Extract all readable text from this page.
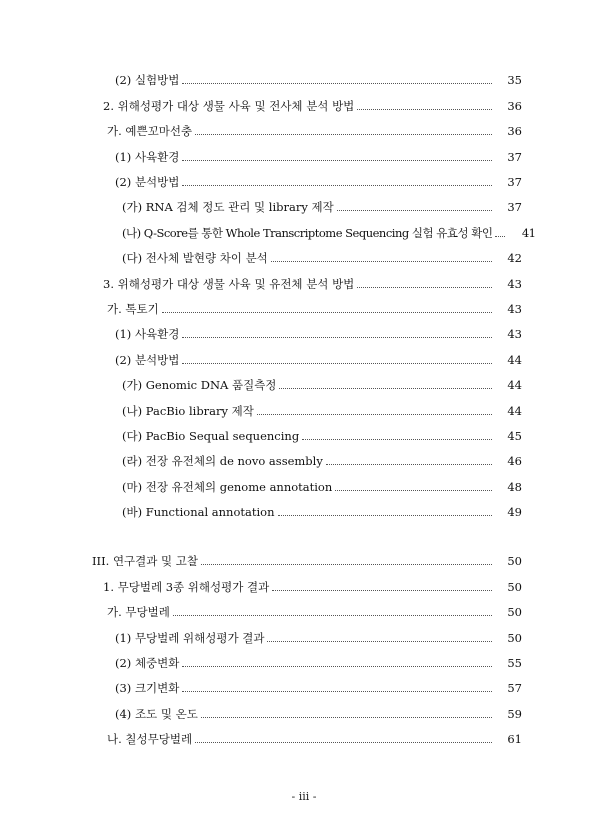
(2) 실험방법	35
2. 위해성평가 대상 생물 사육 및 전사체 분석 방법	36
가. 예쁜꼬마선충	36
(1) 사육환경	37
(2) 분석방법	37
(가) RNA 검체 정도 관리 및 library 제작	37
(나) Q-Score를 통한 Whole Transcriptome Sequencing 실험 유효성 확인	41
(다) 전사체 발현량 차이 분석	42
3. 위해성평가 대상 생물 사육 및 유전체 분석 방법	43
가. 톡토기	43
(1) 사육환경	43
(2) 분석방법	44
(가) Genomic DNA 품질측정	44
(나) PacBio library 제작	44
(다) PacBio Sequal sequencing	45
(라) 전장 유전체의 de novo assembly	46
(마) 전장 유전체의 genome annotation	48
(바) Functional annotation	49
III. 연구결과 및 고찰	50
1. 무당벌레 3종 위해성평가 결과	50
가. 무당벌레	50
(1) 무당벌레 위해성평가 결과	50
(2) 체중변화	55
(3) 크기변화	57
(4) 조도 및 온도	59
나. 칠성무당벌레	61
- iii -
